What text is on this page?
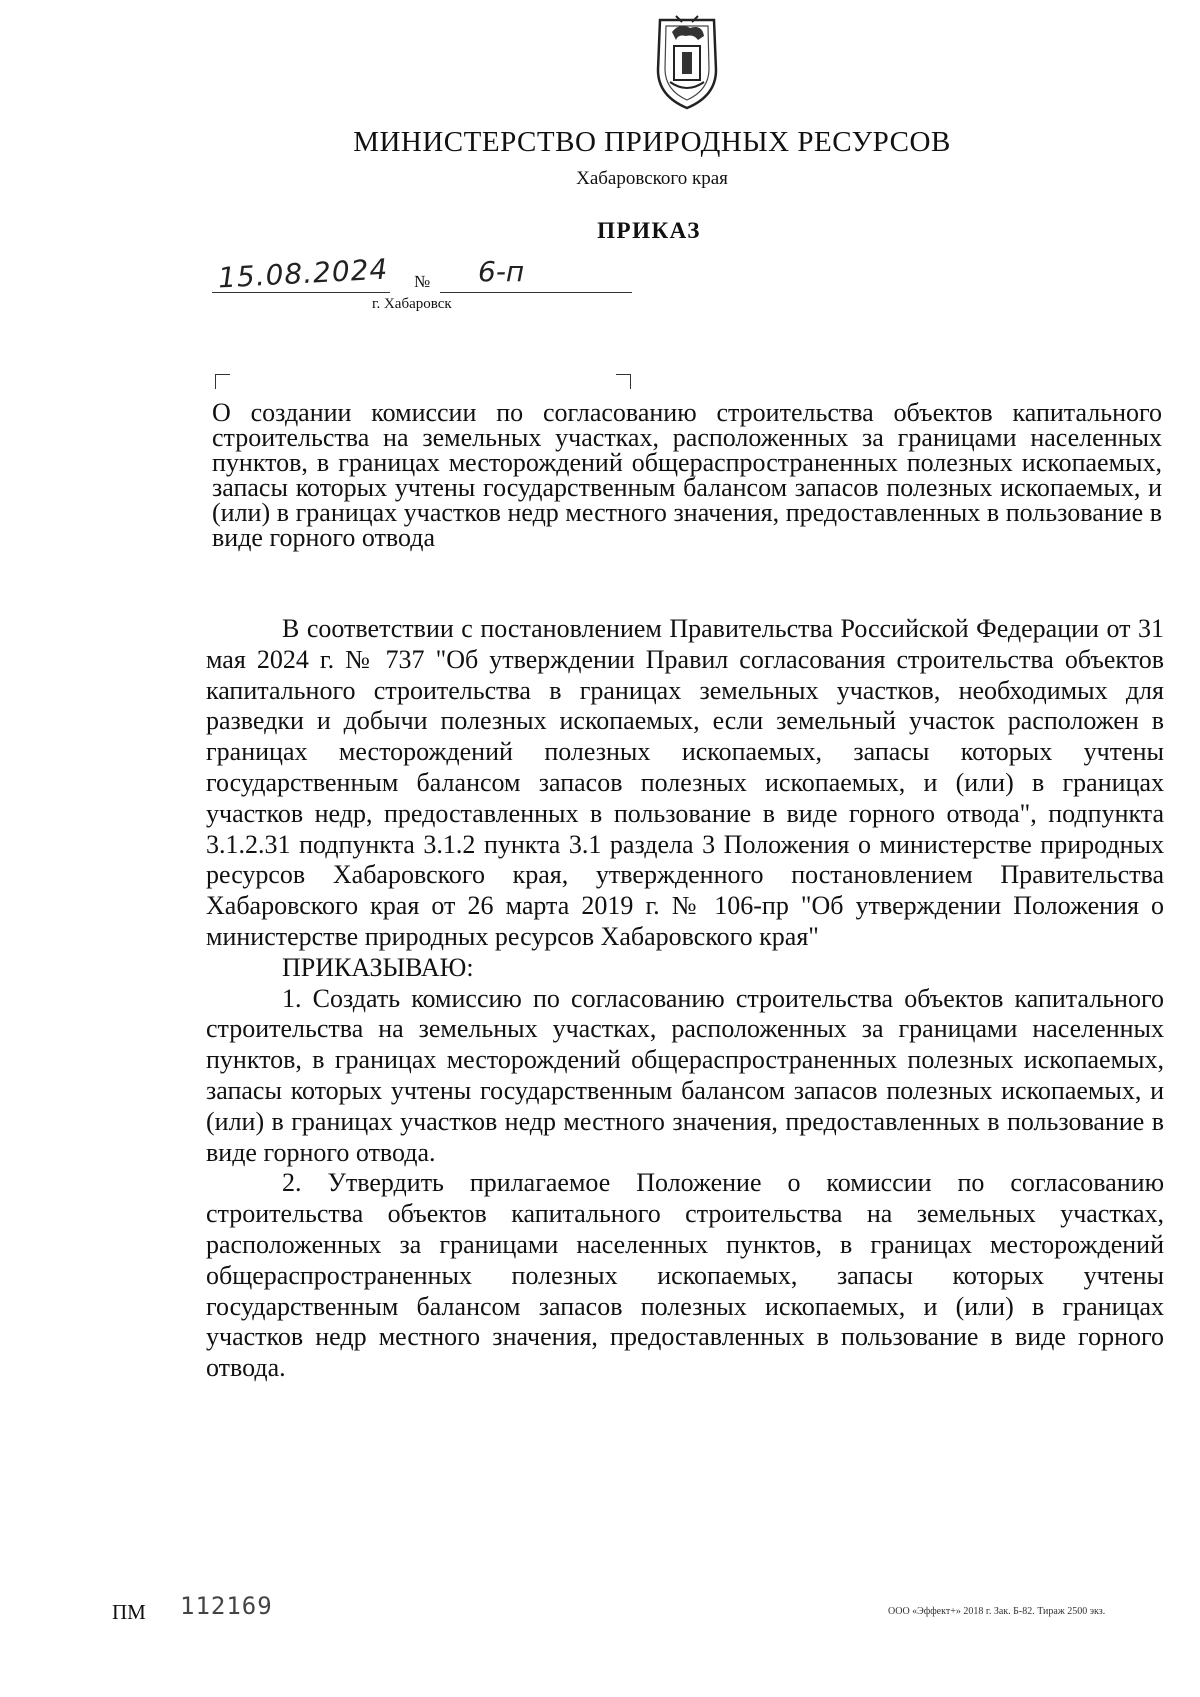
МИНИСТЕРСТВО ПРИРОДНЫХ РЕСУРСОВ
Хабаровского края
ПРИКАЗ
15.08.2024 № 6-п
г. Хабаровск
О создании комиссии по согласованию строительства объектов капитального строительства на земельных участках, расположенных за границами населенных пунктов, в границах месторождений общераспространенных полезных ископаемых, запасы которых учтены государственным балансом запасов полезных ископаемых, и (или) в границах участков недр местного значения, предоставленных в пользование в виде горного отвода

В соответствии с постановлением Правительства Российской Федерации от 31 мая 2024 г. № 737 "Об утверждении Правил согласования строительства объектов капитального строительства в границах земельных участков, необходимых для разведки и добычи полезных ископаемых, если земельный участок расположен в границах месторождений полезных ископаемых, запасы которых учтены государственным балансом запасов полезных ископаемых, и (или) в границах участков недр, предоставленных в пользование в виде горного отвода", подпункта 3.1.2.31 подпункта 3.1.2 пункта 3.1 раздела 3 Положения о министерстве природных ресурсов Хабаровского края, утвержденного постановлением Правительства Хабаровского края от 26 марта 2019 г. № 106-пр "Об утверждении Положения о министерстве природных ресурсов Хабаровского края"

ПРИКАЗЫВАЮ:

1. Создать комиссию по согласованию строительства объектов капитального строительства на земельных участках, расположенных за границами населенных пунктов, в границах месторождений общераспространенных полезных ископаемых, запасы которых учтены государственным балансом запасов полезных ископаемых, и (или) в границах участков недр местного значения, предоставленных в пользование в виде горного отвода.

2. Утвердить прилагаемое Положение о комиссии по согласованию строительства объектов капитального строительства на земельных участках, расположенных за границами населенных пунктов, в границах месторождений общераспространенных полезных ископаемых, запасы которых учтены государственным балансом запасов полезных ископаемых, и (или) в границах участков недр местного значения, предоставленных в пользование в виде горного отвода.

ПМ 112169	ООО «Эффект+» 2018 г. Зак. Б-82. Тираж 2500 экз.
